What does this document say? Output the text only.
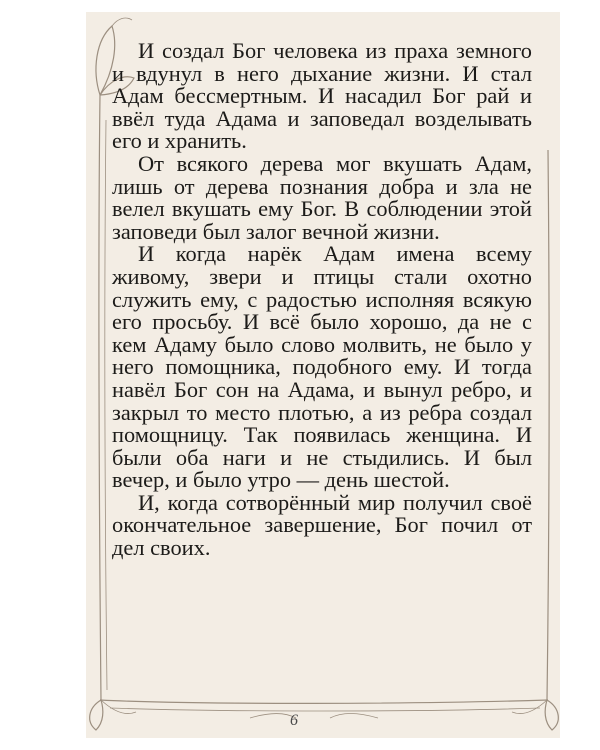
И создал Бог человека из праха земного и вдунул в него дыхание жизни. И стал Адам бессмертным. И насадил Бог рай и ввёл туда Адама и заповедал возделывать его и хранить.

От всякого дерева мог вкушать Адам, лишь от дерева познания добра и зла не велел вкушать ему Бог. В соблюдении этой заповеди был залог вечной жизни.

И когда нарёк Адам имена всему живому, звери и птицы стали охотно служить ему, с радостью исполняя всякую его просьбу. И всё было хорошо, да не с кем Адаму было слово молвить, не было у него помощника, подобного ему. И тогда навёл Бог сон на Адама, и вынул ребро, и закрыл то место плотью, а из ребра создал помощницу. Так появилась женщина. И были оба наги и не стыдились. И был вечер, и было утро — день шестой.

И, когда сотворённый мир получил своё окончательное завершение, Бог почил от дел своих.

6
